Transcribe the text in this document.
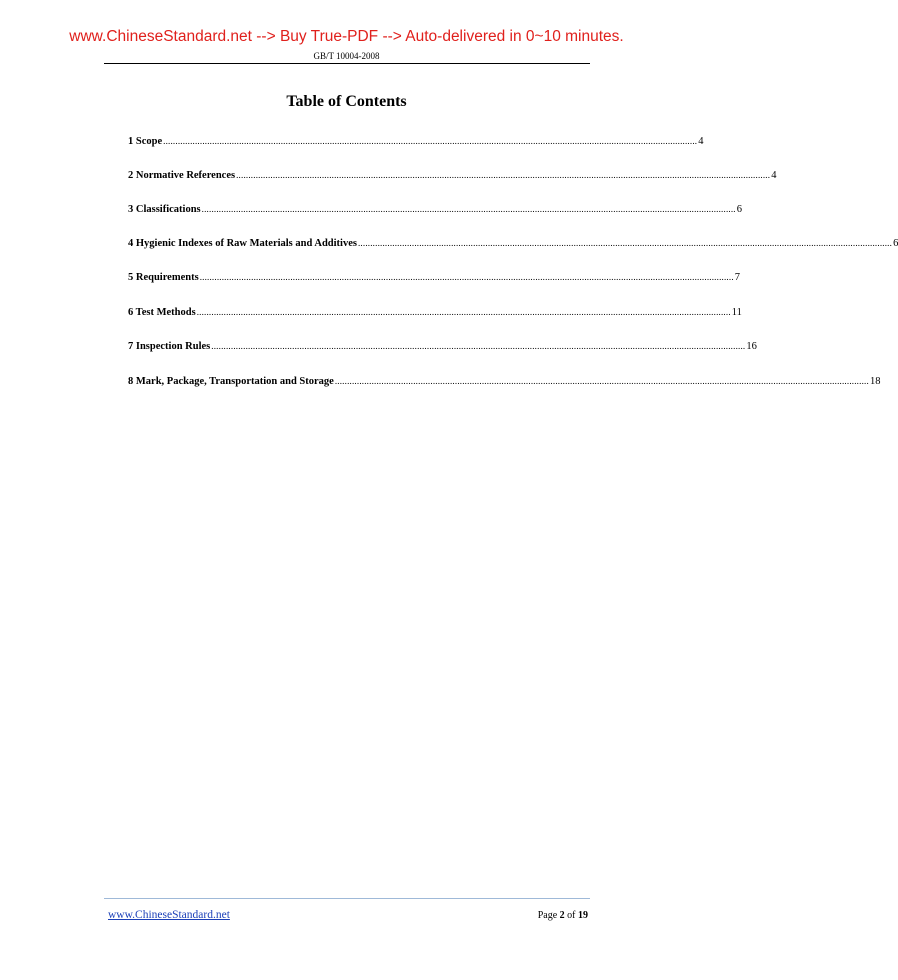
www.ChineseStandard.net --> Buy True-PDF --> Auto-delivered in 0~10 minutes.
GB/T 10004-2008
Table of Contents
1 Scope .......................................................................................................................................................................................................................... 4
2 Normative References .......................................................................................................................................................................................................................... 4
3 Classifications .......................................................................................................................................................................................................................... 6
4 Hygienic Indexes of Raw Materials and Additives .......................................................................................................................................................................................................................... 6
5 Requirements .......................................................................................................................................................................................................................... 7
6 Test Methods .......................................................................................................................................................................................................................... 11
7 Inspection Rules .......................................................................................................................................................................................................................... 16
8 Mark, Package, Transportation and Storage .......................................................................................................................................................................................................................... 18
www.ChineseStandard.net	Page 2 of 19
